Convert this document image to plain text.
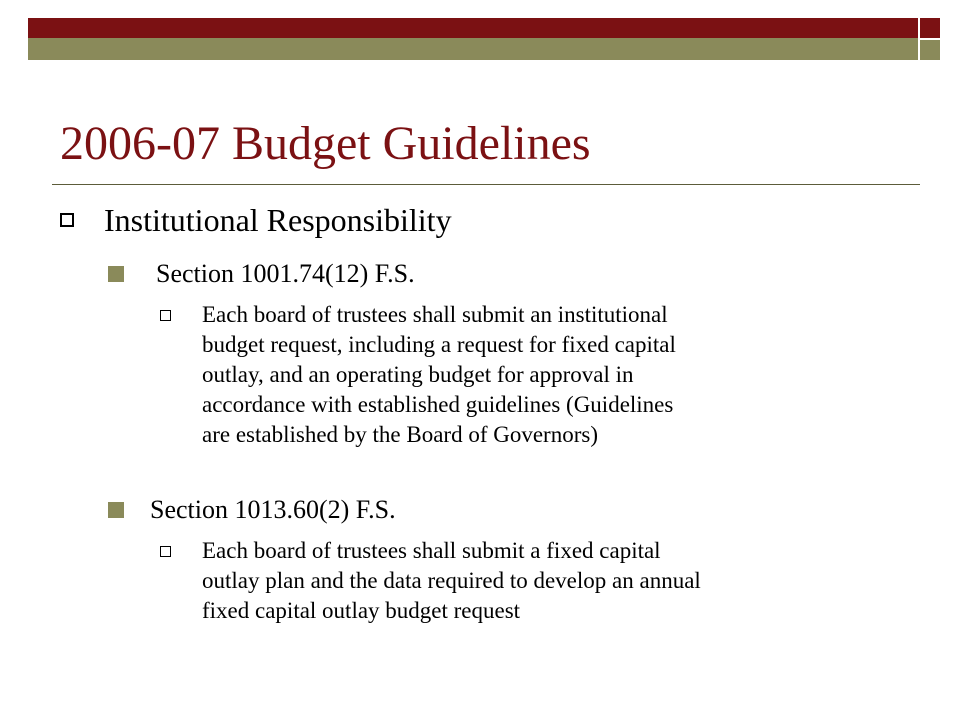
2006-07 Budget Guidelines
Institutional Responsibility
Section 1001.74(12) F.S.
Each board of trustees shall submit an institutional
budget request, including a request for fixed capital
outlay, and an operating budget for approval in
accordance with established guidelines (Guidelines
are established by the Board of Governors)
Section 1013.60(2) F.S.
Each board of trustees shall submit a fixed capital
outlay plan and the data required to develop an annual
fixed capital outlay budget request
